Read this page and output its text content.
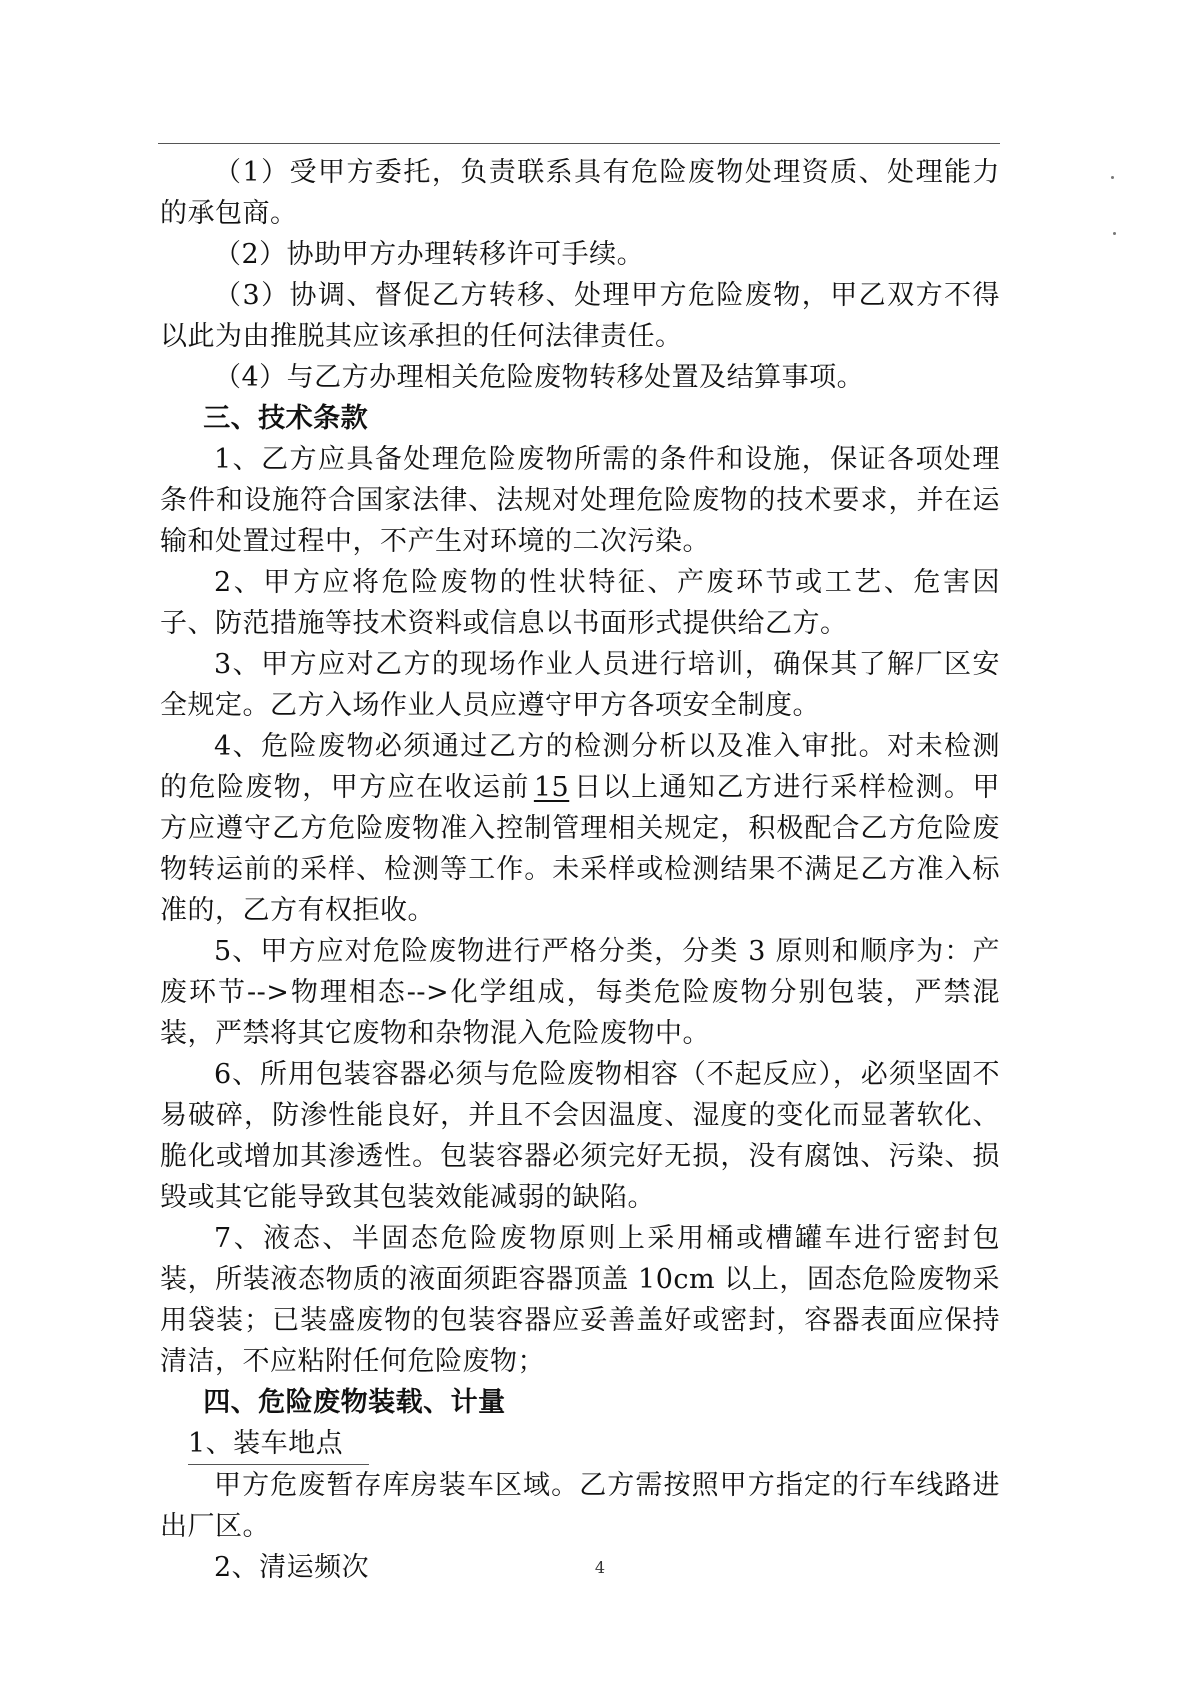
（1）受甲方委托，负责联系具有危险废物处理资质、处理能力的承包商。

（2）协助甲方办理转移许可手续。

（3）协调、督促乙方转移、处理甲方危险废物，甲乙双方不得以此为由推脱其应该承担的任何法律责任。

（4）与乙方办理相关危险废物转移处置及结算事项。

三、技术条款

1、乙方应具备处理危险废物所需的条件和设施，保证各项处理条件和设施符合国家法律、法规对处理危险废物的技术要求，并在运输和处置过程中，不产生对环境的二次污染。

2、甲方应将危险废物的性状特征、产废环节或工艺、危害因子、防范措施等技术资料或信息以书面形式提供给乙方。

3、甲方应对乙方的现场作业人员进行培训，确保其了解厂区安全规定。乙方入场作业人员应遵守甲方各项安全制度。

4、危险废物必须通过乙方的检测分析以及准入审批。对未检测的危险废物，甲方应在收运前 15 日以上通知乙方进行采样检测。甲方应遵守乙方危险废物准入控制管理相关规定，积极配合乙方危险废物转运前的采样、检测等工作。未采样或检测结果不满足乙方准入标准的，乙方有权拒收。

5、甲方应对危险废物进行严格分类，分类 3 原则和顺序为：产废环节-->物理相态-->化学组成，每类危险废物分别包装，严禁混装，严禁将其它废物和杂物混入危险废物中。

6、所用包装容器必须与危险废物相容（不起反应），必须坚固不易破碎，防渗性能良好，并且不会因温度、湿度的变化而显著软化、脆化或增加其渗透性。包装容器必须完好无损，没有腐蚀、污染、损毁或其它能导致其包装效能减弱的缺陷。

7、液态、半固态危险废物原则上采用桶或槽罐车进行密封包装，所装液态物质的液面须距容器顶盖 10cm 以上，固态危险废物采用袋装；已装盛废物的包装容器应妥善盖好或密封，容器表面应保持清洁，不应粘附任何危险废物；

四、危险废物装载、计量

1、装车地点

甲方危废暂存库房装车区域。乙方需按照甲方指定的行车线路进出厂区。

2、清运频次	4
